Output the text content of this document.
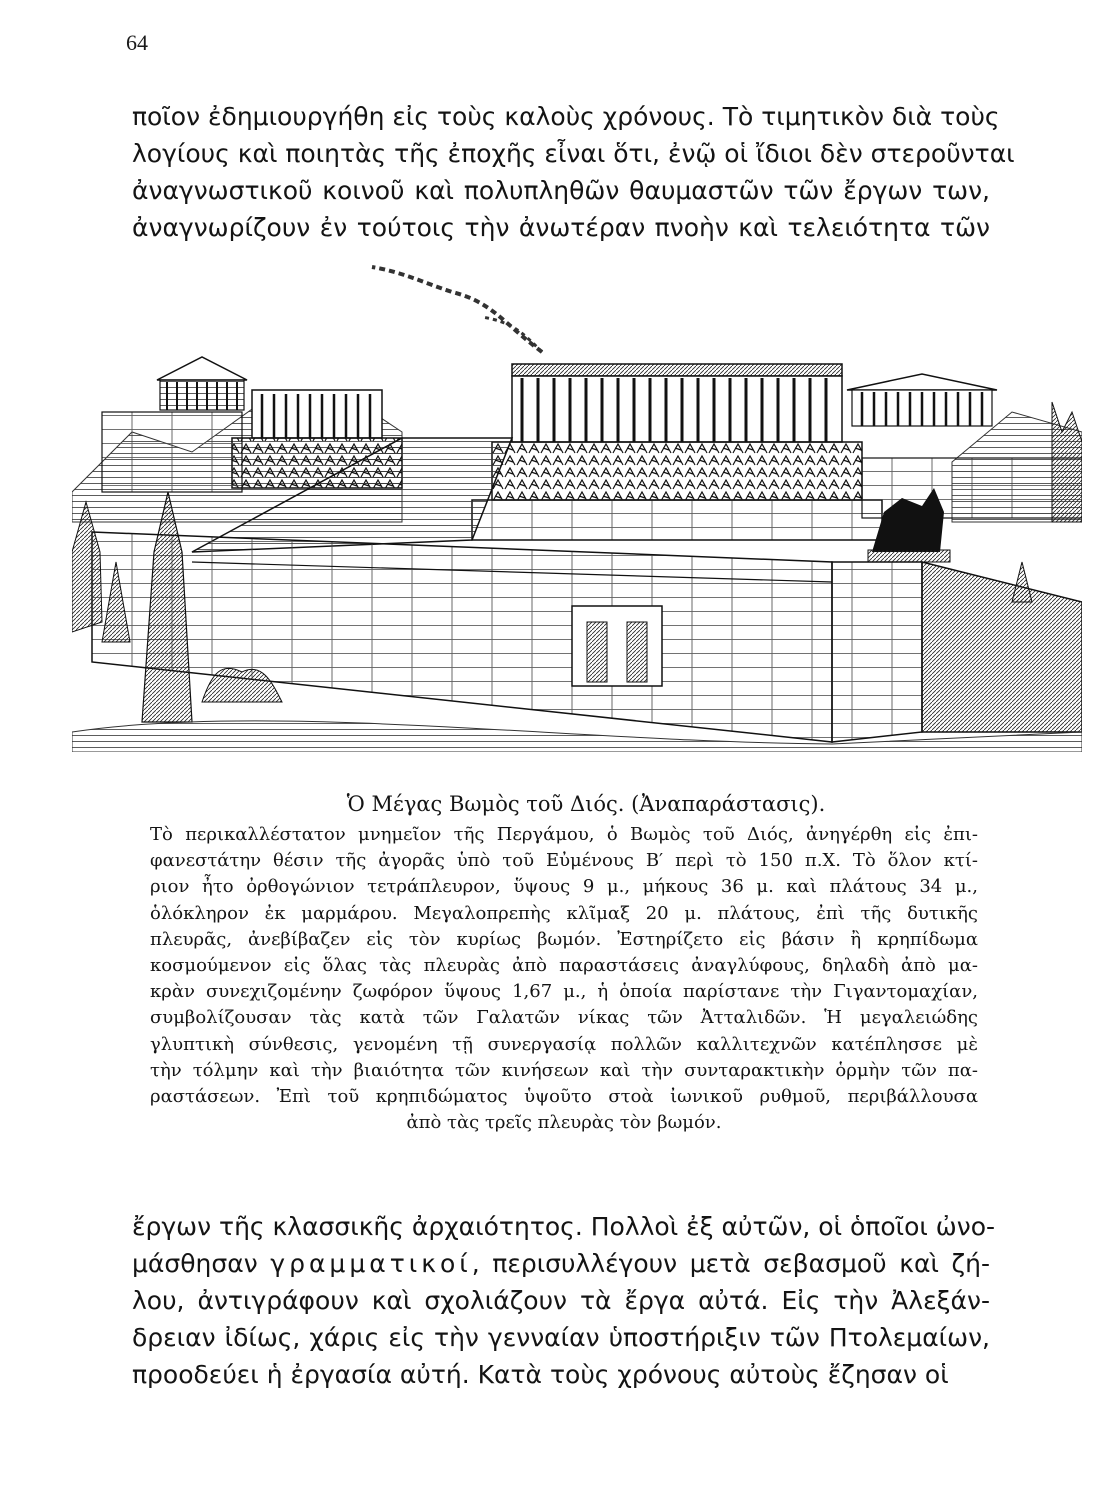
64
ποῖον ἐδημιουργήθη εἰς τοὺς καλοὺς χρόνους. Τὸ τιμητικὸν διὰ τοὺς
λογίους καὶ ποιητὰς τῆς ἐποχῆς εἶναι ὅτι, ἐνῷ οἱ ἴδιοι δὲν στεροῦνται
ἀναγνωστικοῦ κοινοῦ καὶ πολυπληθῶν θαυμαστῶν τῶν ἔργων των,
ἀναγνωρίζουν ἐν τούτοις τὴν ἀνωτέραν πνοὴν καὶ τελειότητα τῶν
Ὁ Μέγας Βωμὸς τοῦ Διός. (Ἀναπαράστασις).
Τὸ περικαλλέστατον μνημεῖον τῆς Περγάμου, ὁ Βωμὸς τοῦ Διός, ἀνηγέρθη εἰς ἐπι-
φανεστάτην θέσιν τῆς ἀγορᾶς ὑπὸ τοῦ Εὐμένους Β′ περὶ τὸ 150 π.Χ. Τὸ ὅλον κτί-
ριον ἦτο ὀρθογώνιον τετράπλευρον, ὕψους 9 μ., μήκους 36 μ. καὶ πλάτους 34 μ.,
ὁλόκληρον ἐκ μαρμάρου. Μεγαλοπρεπὴς κλῖμαξ 20 μ. πλάτους, ἐπὶ τῆς δυτικῆς
πλευρᾶς, ἀνεβίβαζεν εἰς τὸν κυρίως βωμόν. Ἐστηρίζετο εἰς βάσιν ἢ κρηπίδωμα
κοσμούμενον εἰς ὅλας τὰς πλευρὰς ἀπὸ παραστάσεις ἀναγλύφους, δηλαδὴ ἀπὸ μα-
κρὰν συνεχιζομένην ζωφόρον ὕψους 1,67 μ., ἡ ὁποία παρίστανε τὴν Γιγαντομαχίαν,
συμβολίζουσαν τὰς κατὰ τῶν Γαλατῶν νίκας τῶν Ἀτταλιδῶν. Ἡ μεγαλειώδης
γλυπτικὴ σύνθεσις, γενομένη τῇ συνεργασίᾳ πολλῶν καλλιτεχνῶν κατέπλησσε μὲ
τὴν τόλμην καὶ τὴν βιαιότητα τῶν κινήσεων καὶ τὴν συνταρακτικὴν ὁρμὴν τῶν πα-
ραστάσεων. Ἐπὶ τοῦ κρηπιδώματος ὑψοῦτο στοὰ ἰωνικοῦ ρυθμοῦ, περιβάλλουσα
ἀπὸ τὰς τρεῖς πλευρὰς τὸν βωμόν.
ἔργων τῆς κλασσικῆς ἀρχαιότητος. Πολλοὶ ἐξ αὐτῶν, οἱ ὁποῖοι ὠνο-
μάσθησαν γραμματικοί, περισυλλέγουν μετὰ σεβασμοῦ καὶ ζή-
λου, ἀντιγράφουν καὶ σχολιάζουν τὰ ἔργα αὐτά. Εἰς τὴν Ἀλεξάν-
δρειαν ἰδίως, χάρις εἰς τὴν γενναίαν ὑποστήριξιν τῶν Πτολεμαίων,
προοδεύει ἡ ἐργασία αὐτή. Κατὰ τοὺς χρόνους αὐτοὺς ἔζησαν οἱ
